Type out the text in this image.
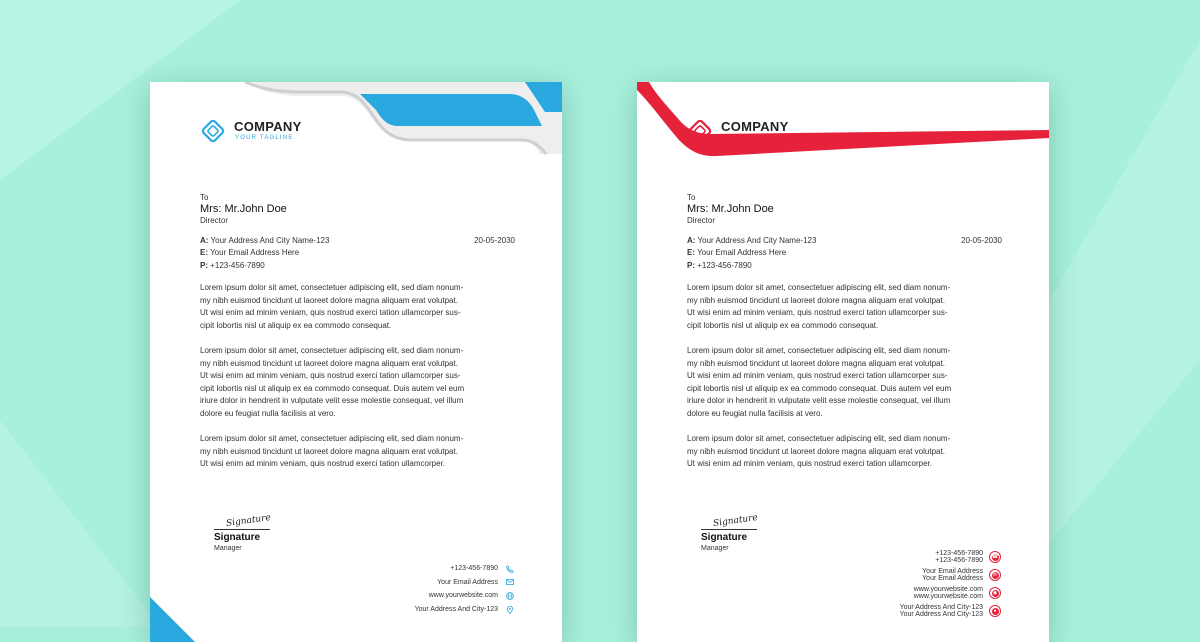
COMPANY
YOUR TAGLINE
To
Mrs: Mr.John Doe
Director
A: Your Address And City Name-123
E: Your Email Address Here
P: +123-456-7890
20-05-2030

Lorem ipsum dolor sit amet, consectetuer adipiscing elit, sed diam nonum-
my nibh euismod tincidunt ut laoreet dolore magna aliquam erat volutpat.
Ut wisi enim ad minim veniam, quis nostrud exerci tation ullamcorper sus-
cipit lobortis nisl ut aliquip ex ea commodo consequat.

Lorem ipsum dolor sit amet, consectetuer adipiscing elit, sed diam nonum-
my nibh euismod tincidunt ut laoreet dolore magna aliquam erat volutpat.
Ut wisi enim ad minim veniam, quis nostrud exerci tation ullamcorper sus-
cipit lobortis nisl ut aliquip ex ea commodo consequat. Duis autem vel eum
iriure dolor in hendrerit in vulputate velit esse molestie consequat, vel illum
dolore eu feugiat nulla facilisis at vero.

Lorem ipsum dolor sit amet, consectetuer adipiscing elit, sed diam nonum-
my nibh euismod tincidunt ut laoreet dolore magna aliquam erat volutpat.
Ut wisi enim ad minim veniam, quis nostrud exerci tation ullamcorper.

Signature
Signature
Manager
+123-456-7890
Your Email Address
www.yourwebsite.com
Your Address And City-123
COMPANY
YOUR TAGLINE
To
Mrs: Mr.John Doe
Director
A: Your Address And City Name-123
E: Your Email Address Here
P: +123-456-7890
20-05-2030

Lorem ipsum dolor sit amet, consectetuer adipiscing elit, sed diam nonum-
my nibh euismod tincidunt ut laoreet dolore magna aliquam erat volutpat.
Ut wisi enim ad minim veniam, quis nostrud exerci tation ullamcorper sus-
cipit lobortis nisl ut aliquip ex ea commodo consequat.

Lorem ipsum dolor sit amet, consectetuer adipiscing elit, sed diam nonum-
my nibh euismod tincidunt ut laoreet dolore magna aliquam erat volutpat.
Ut wisi enim ad minim veniam, quis nostrud exerci tation ullamcorper sus-
cipit lobortis nisl ut aliquip ex ea commodo consequat. Duis autem vel eum
iriure dolor in hendrerit in vulputate velit esse molestie consequat, vel illum
dolore eu feugiat nulla facilisis at vero.

Lorem ipsum dolor sit amet, consectetuer adipiscing elit, sed diam nonum-
my nibh euismod tincidunt ut laoreet dolore magna aliquam erat volutpat.
Ut wisi enim ad minim veniam, quis nostrud exerci tation ullamcorper.

Signature
Signature
Manager
+123-456-7890
+123-456-7890
☎
Your Email Address
Your Email Address
✉
www.yourwebsite.com
www.yourwebsite.com
◉
Your Address And City-123
Your Address And City-123
●
